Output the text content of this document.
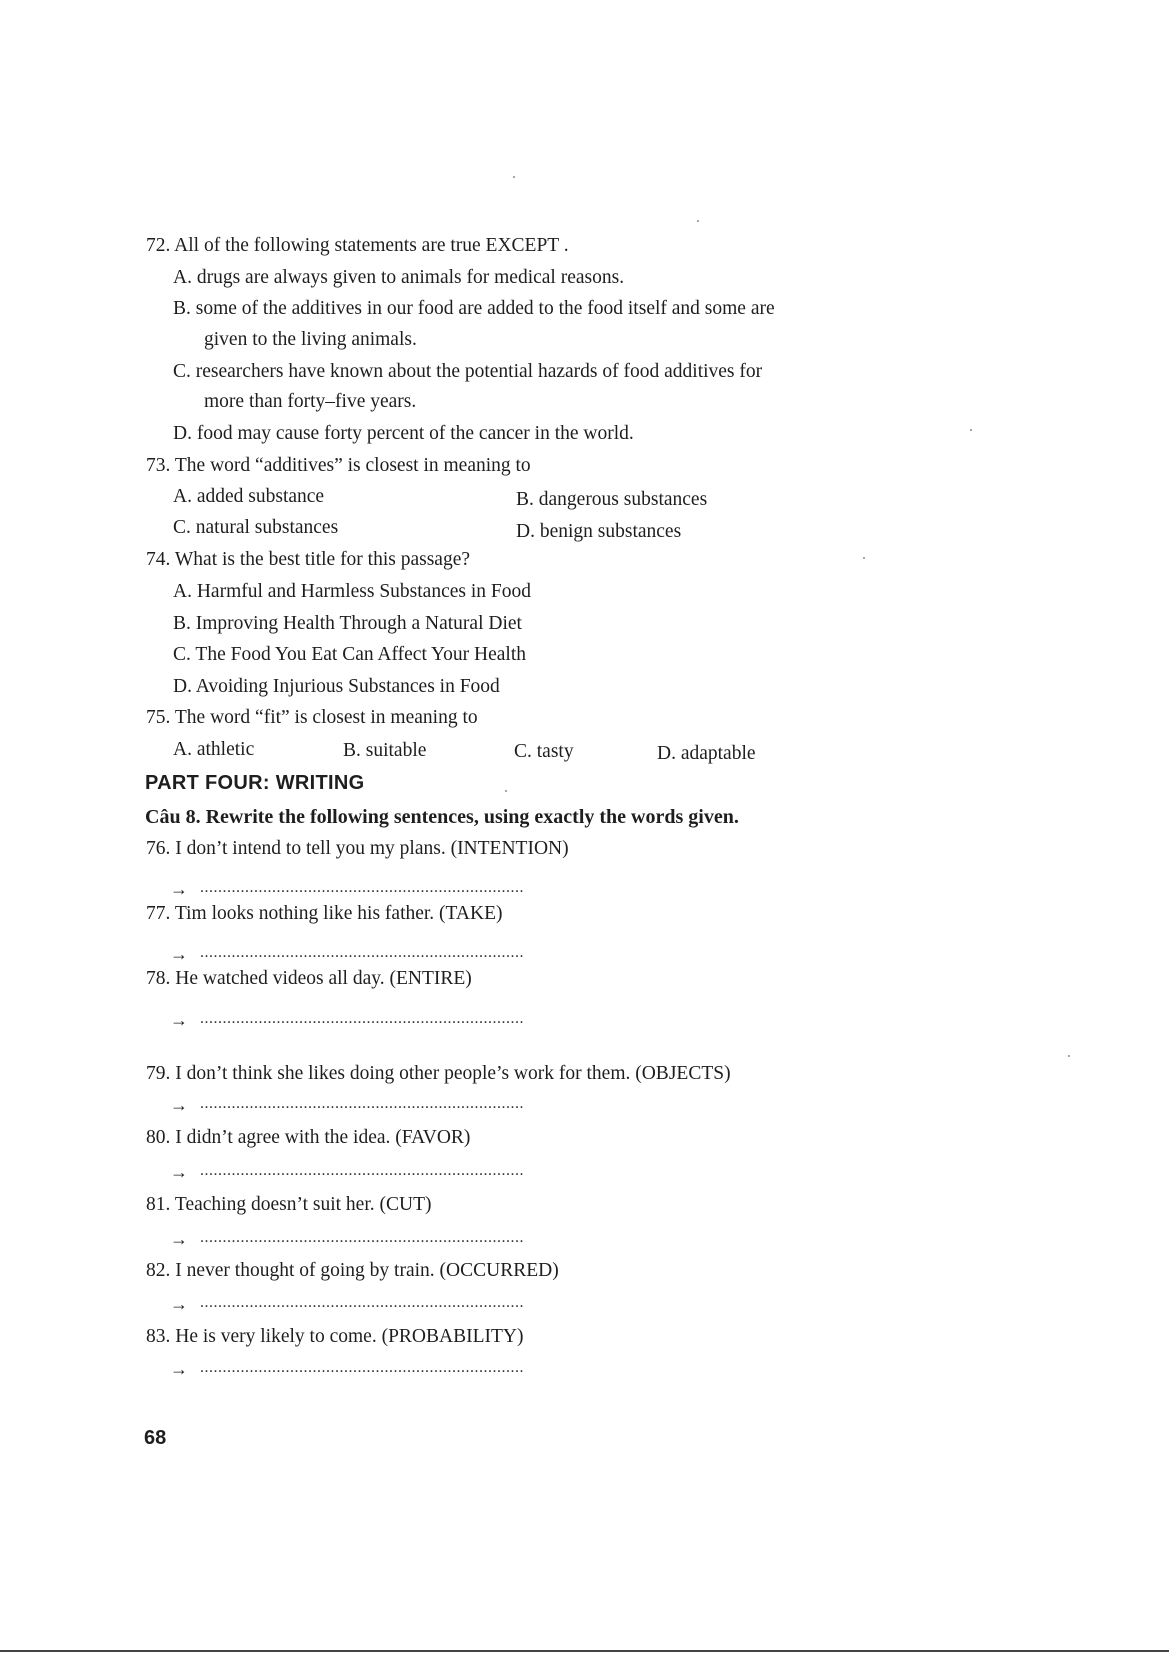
72. All of the following statements are true EXCEPT .
A. drugs are always given to animals for medical reasons.
B. some of the additives in our food are added to the food itself and some are
given to the living animals.
C. researchers have known about the potential hazards of food additives for
more than forty–five years.
D. food may cause forty percent of the cancer in the world.
73. The word “additives” is closest in meaning to
A. added substance	B. dangerous substances
C. natural substances	D. benign substances
74. What is the best title for this passage?
A. Harmful and Harmless Substances in Food
B. Improving Health Through a Natural Diet
C. The Food You Eat Can Affect Your Health
D. Avoiding Injurious Substances in Food
75. The word “fit” is closest in meaning to
A. athletic	B. suitable	C. tasty	D. adaptable
PART FOUR: WRITING
Câu 8. Rewrite the following sentences, using exactly the words given.
76. I don’t intend to tell you my plans. (INTENTION)
→ ........................................................................
77. Tim looks nothing like his father. (TAKE)
→ ........................................................................
78. He watched videos all day. (ENTIRE)
→ ........................................................................
79. I don’t think she likes doing other people’s work for them. (OBJECTS)
→ ........................................................................
80. I didn’t agree with the idea. (FAVOR)
→ ........................................................................
81. Teaching doesn’t suit her. (CUT)
→ ........................................................................
82. I never thought of going by train. (OCCURRED)
→ ........................................................................
83. He is very likely to come. (PROBABILITY)
→ ........................................................................
68
